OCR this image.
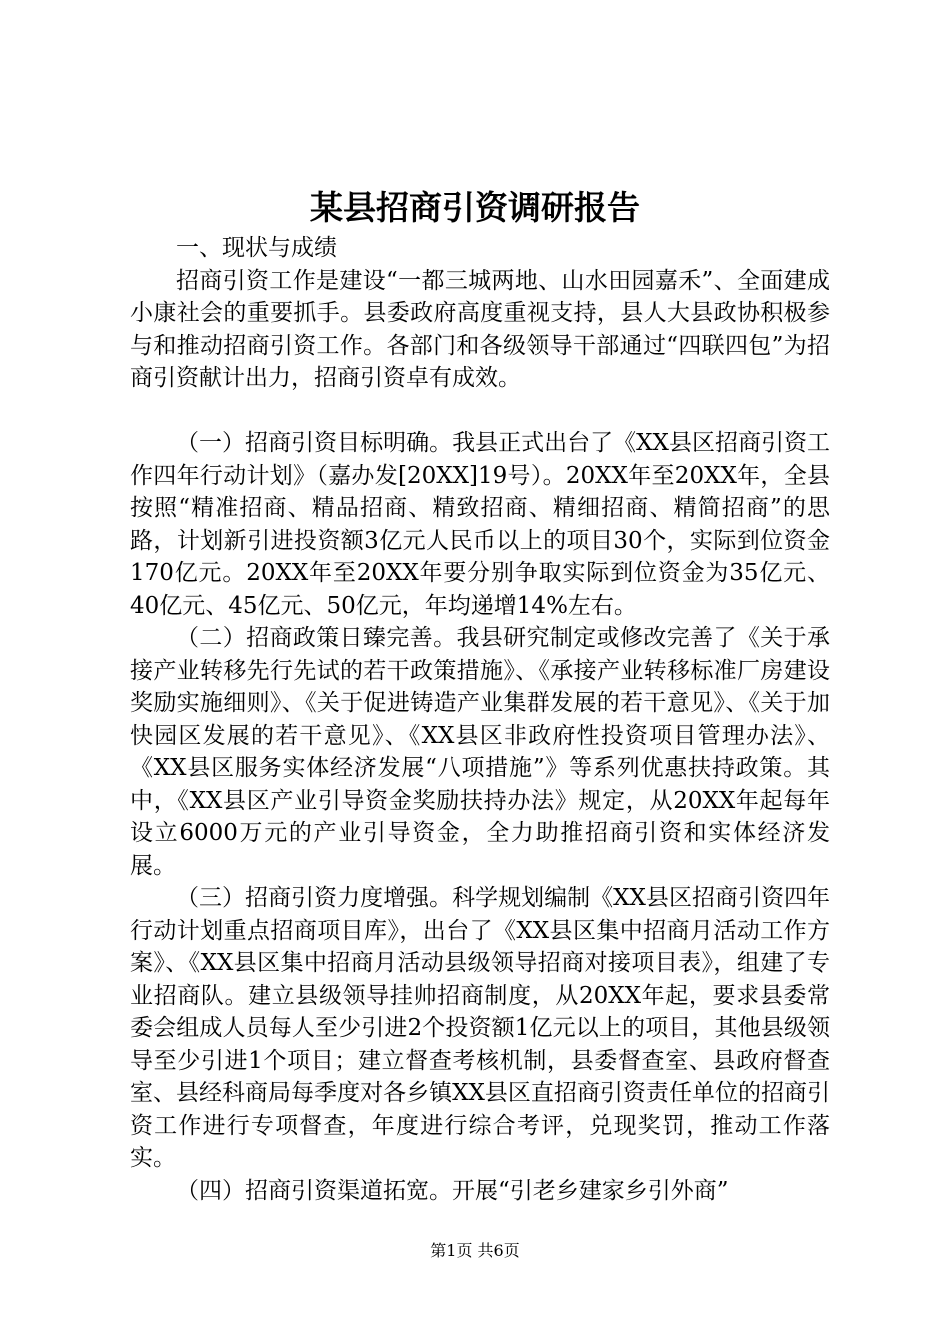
某县招商引资调研报告

一、现状与成绩

招商引资工作是建设“一都三城两地、山水田园嘉禾”、全面建成小康社会的重要抓手。县委政府高度重视支持，县人大县政协积极参与和推动招商引资工作。各部门和各级领导干部通过“四联四包”为招商引资献计出力，招商引资卓有成效。

（一）招商引资目标明确。我县正式出台了《XX县区招商引资工作四年行动计划》（嘉办发[20XX]19号）。20XX年至20XX年，全县按照“精准招商、精品招商、精致招商、精细招商、精简招商”的思路，计划新引进投资额3亿元人民币以上的项目30个，实际到位资金170亿元。20XX年至20XX年要分别争取实际到位资金为35亿元、40亿元、45亿元、50亿元，年均递增14%左右。

（二）招商政策日臻完善。我县研究制定或修改完善了《关于承接产业转移先行先试的若干政策措施》、《承接产业转移标准厂房建设奖励实施细则》、《关于促进铸造产业集群发展的若干意见》、《关于加快园区发展的若干意见》、《XX县区非政府性投资项目管理办法》、《XX县区服务实体经济发展“八项措施”》等系列优惠扶持政策。其中，《XX县区产业引导资金奖励扶持办法》规定，从20XX年起每年设立6000万元的产业引导资金，全力助推招商引资和实体经济发展。

（三）招商引资力度增强。科学规划编制《XX县区招商引资四年行动计划重点招商项目库》，出台了《XX县区集中招商月活动工作方案》、《XX县区集中招商月活动县级领导招商对接项目表》，组建了专业招商队。建立县级领导挂帅招商制度，从20XX年起，要求县委常委会组成人员每人至少引进2个投资额1亿元以上的项目，其他县级领导至少引进1个项目；建立督查考核机制，县委督查室、县政府督查室、县经科商局每季度对各乡镇XX县区直招商引资责任单位的招商引资工作进行专项督查，年度进行综合考评，兑现奖罚，推动工作落实。

（四）招商引资渠道拓宽。开展“引老乡建家乡引外商”

第1页 共6页
